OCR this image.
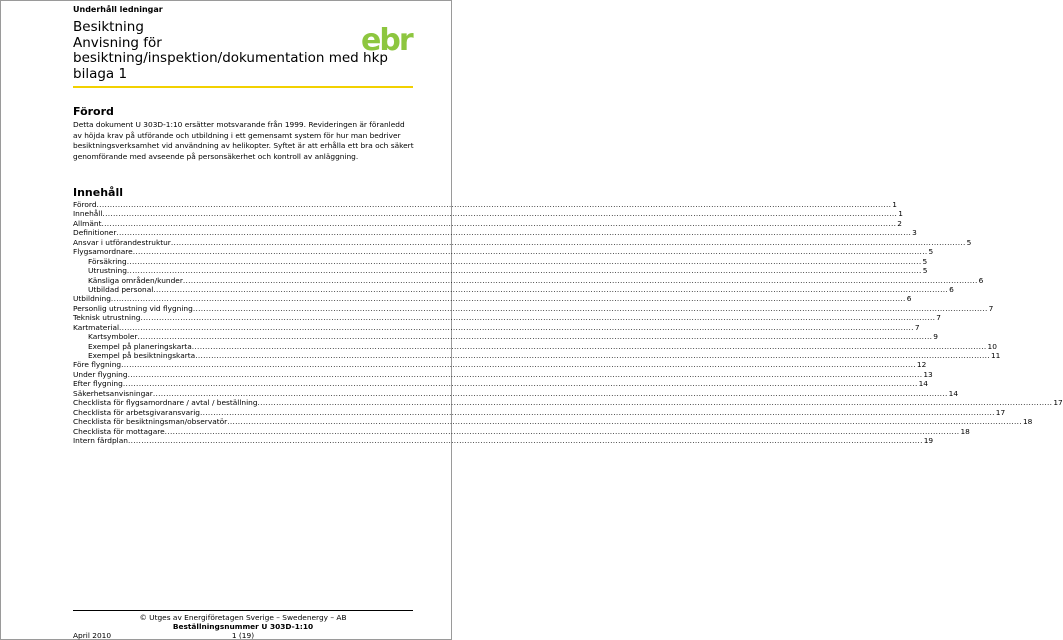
Underhåll ledningar
Besiktning
Anvisning för
besiktning/inspektion/dokumentation med hkp
bilaga 1
ebr
Förord
Detta dokument U 303D-1:10 ersätter motsvarande från 1999. Revideringen är föranledd av höjda krav på utförande och utbildning i ett gemensamt system för hur man bedriver besiktningsverksamhet vid användning av helikopter. Syftet är att erhålla ett bra och säkert genomförande med avseende på personsäkerhet och kontroll av anläggning.
Innehåll
Förord ............................................................................................................................................................................................................................................................................................................ 1
Innehåll ............................................................................................................................................................................................................................................................................................................ 1
Allmänt ............................................................................................................................................................................................................................................................................................................ 2
Definitioner ............................................................................................................................................................................................................................................................................................................ 3
Ansvar i utförandestruktur ............................................................................................................................................................................................................................................................................................................ 5
Flygsamordnare ............................................................................................................................................................................................................................................................................................................ 5
Försäkring ............................................................................................................................................................................................................................................................................................................ 5
Utrustning ............................................................................................................................................................................................................................................................................................................ 5
Känsliga områden/kunder ............................................................................................................................................................................................................................................................................................................ 6
Utbildad personal ............................................................................................................................................................................................................................................................................................................ 6
Utbildning ............................................................................................................................................................................................................................................................................................................ 6
Personlig utrustning vid flygning ............................................................................................................................................................................................................................................................................................................ 7
Teknisk utrustning ............................................................................................................................................................................................................................................................................................................ 7
Kartmaterial ............................................................................................................................................................................................................................................................................................................ 7
Kartsymboler ............................................................................................................................................................................................................................................................................................................ 9
Exempel på planeringskarta ............................................................................................................................................................................................................................................................................................................ 10
Exempel på besiktningskarta ............................................................................................................................................................................................................................................................................................................ 11
Före flygning ............................................................................................................................................................................................................................................................................................................ 12
Under flygning ............................................................................................................................................................................................................................................................................................................ 13
Efter flygning ............................................................................................................................................................................................................................................................................................................ 14
Säkerhetsanvisningar ............................................................................................................................................................................................................................................................................................................ 14
Checklista för flygsamordnare / avtal / beställning ............................................................................................................................................................................................................................................................................................................ 17
Checklista för arbetsgivaransvarig ............................................................................................................................................................................................................................................................................................................ 17
Checklista för besiktningsman/observatör ............................................................................................................................................................................................................................................................................................................ 18
Checklista för mottagare ............................................................................................................................................................................................................................................................................................................ 18
Intern färdplan ............................................................................................................................................................................................................................................................................................................ 19
© Utges av Energiföretagen Sverige – Swedenergy – AB
Beställningsnummer U 303D-1:10
April 2010	1 (19)
